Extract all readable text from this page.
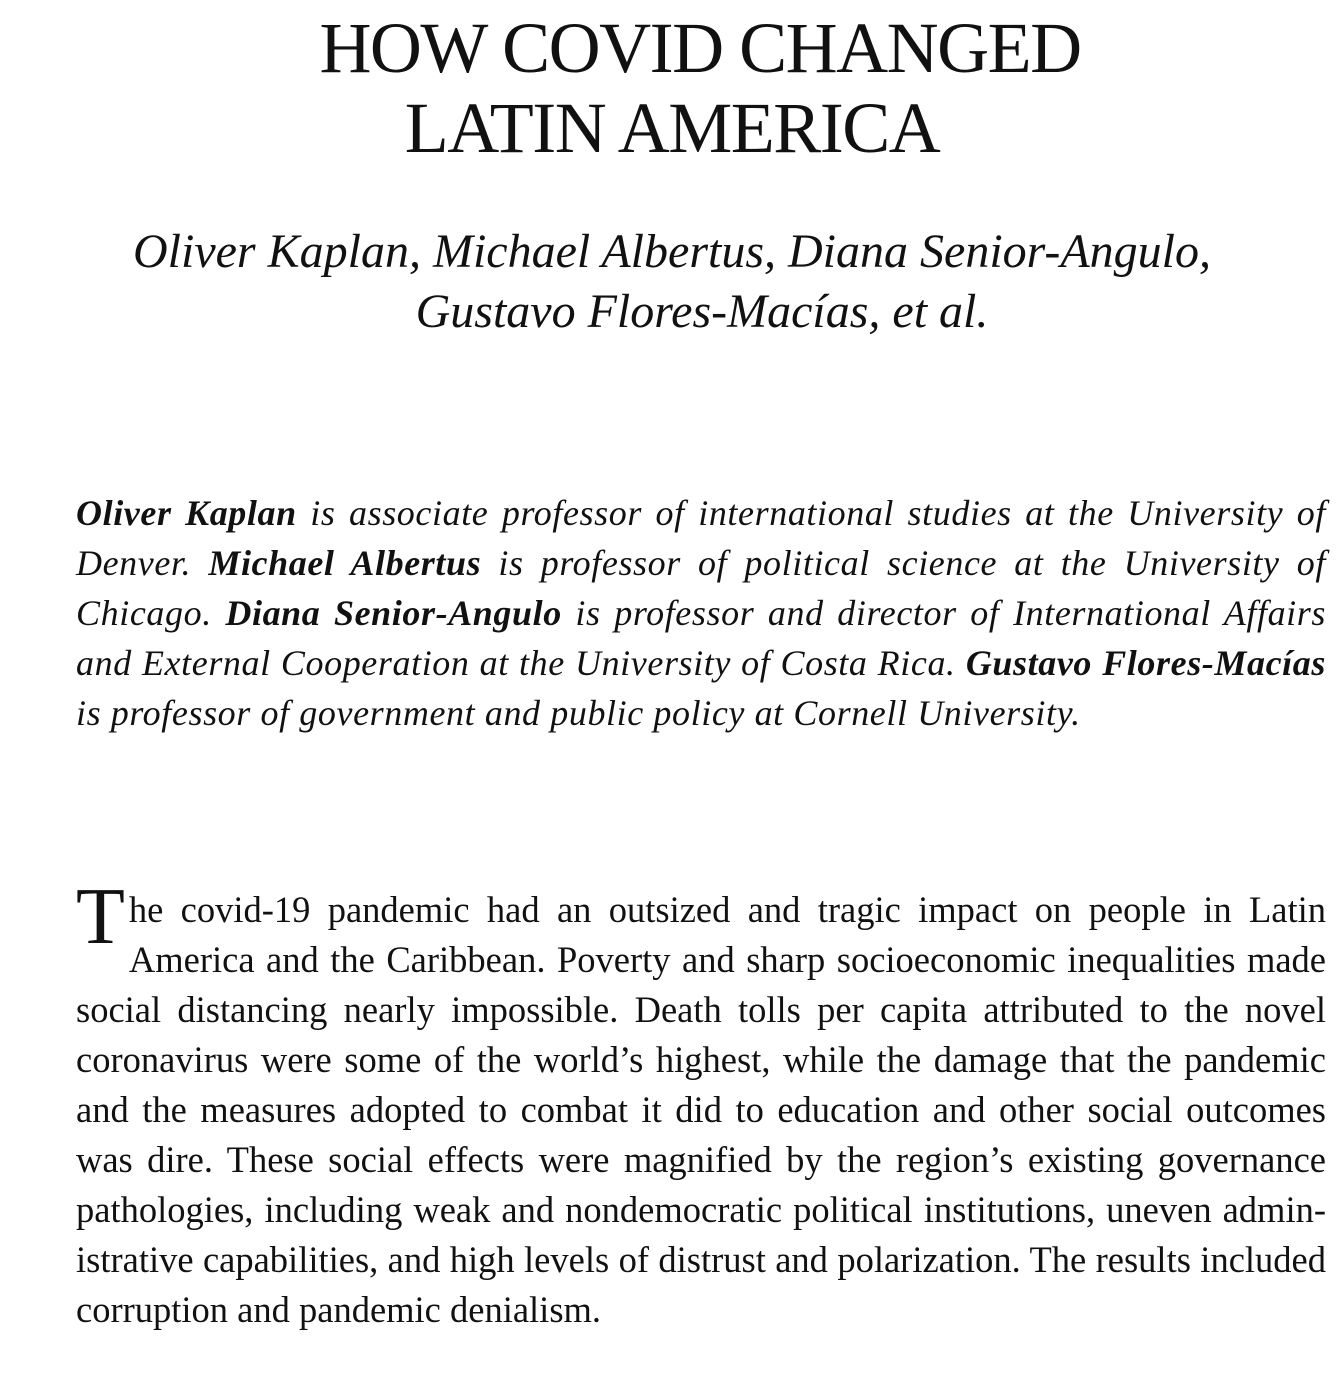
HOW COVID CHANGED
LATIN AMERICA
Oliver Kaplan, Michael Albertus, Diana Senior-Angulo,
Gustavo Flores-Macías, et al.

Oliver Kaplan is associate professor of international studies at the University of Denver. Michael Albertus is professor of political science at the University of Chicago. Diana Senior-Angulo is professor and director of International Affairs and External Cooperation at the University of Costa Rica. Gustavo Flores-Macías is professor of government and public policy at Cornell University.

The covid-19 pandemic had an outsized and tragic impact on people in Latin America and the Caribbean. Poverty and sharp socioeconomic inequalities made social distancing nearly impossible. Death tolls per capita attributed to the novel coronavirus were some of the world’s highest, while the damage that the pandemic and the measures adopted to combat it did to education and other social outcomes was dire. These social effects were magnified by the region’s existing governance pathologies, including weak and nondemocratic political institutions, uneven administrative capabilities, and high levels of distrust and polarization. The results included corruption and pandemic denialism.
